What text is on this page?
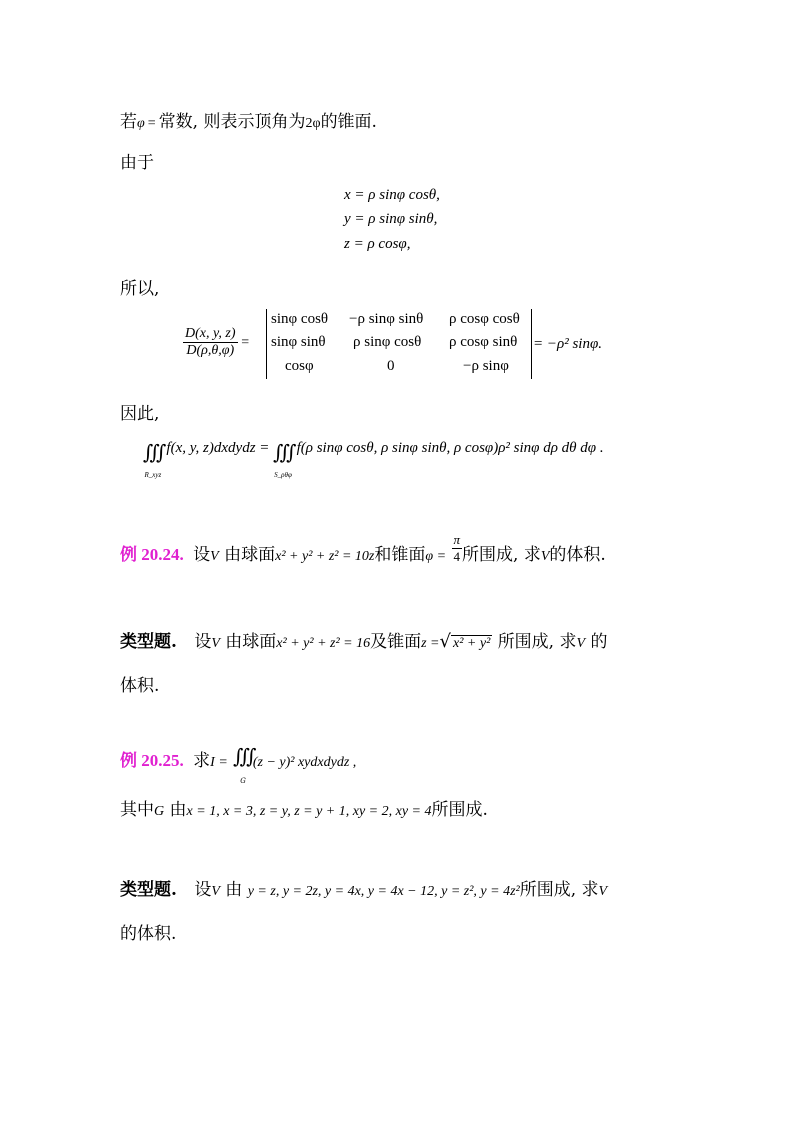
若φ = 常数, 则表示顶角为2φ的锥面.
由于
x = ρ sinφ cosθ,
y = ρ sinφ sinθ,
z = ρ cosφ,
所以,
$\frac{D(x, y, z)}{D(\rho,\theta,\varphi)}$ =
sinφ cosθ −ρ sinφ sinθ ρ cosφ cosθ
sinφ sinθ ρ sinφ cosθ ρ cosφ sinθ
cosφ	0	−ρ sinφ
= −ρ² sinφ.
因此,
∭
R_xyz f(x, y, z)dxdydz = ∭
S_ρθφ f(ρ sinφ cosθ, ρ sinφ sinθ, ρ cosφ)ρ² sinφ dρ dθ dφ .
例 20.24. 设V 由球面x² + y² + z² = 10z和锥面$\varphi = \frac{\pi}{4}$ 所围成, 求V的体积.
类型题. 设V 由球面x² + y² + z² = 16及锥面z =√ x² + y² 所围成, 求V 的
体积.
例 20.25. 求I = ∭
G(z − y)² xydxdydz ,
其中G 由x = 1, x = 3, z = y, z = y + 1, xy = 2, xy = 4所围成.
类型题. 设V 由 y = z, y = 2z, y = 4x, y = 4x − 12, y = z², y = 4z²所围成, 求V
的体积.
